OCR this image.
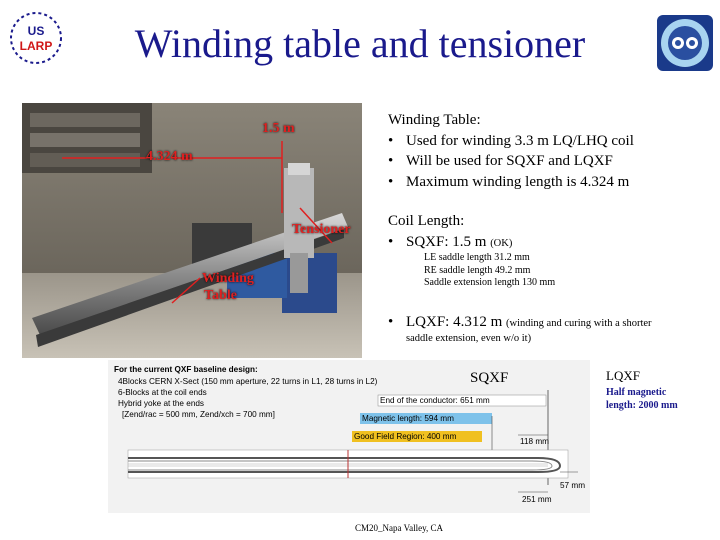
Winding table and tensioner
US
LARP
4.324 m
1.5 m
Tensioner
Winding
Table
Winding Table:
• Used for winding 3.3 m LQ/LHQ coil
• Will be used for SQXF and LQXF
• Maximum winding length is 4.324 m
Coil Length:
• SQXF: 1.5 m (OK)
LE saddle length 31.2 mm
RE saddle length 49.2 mm
Saddle extension length 130 mm
• LQXF: 4.312 m (winding and curing with a shorter
saddle extension, even w/o it)
For the current QXF baseline design:
4Blocks CERN X-Sect (150 mm aperture, 22 turns in L1, 28 turns in L2)
6-Blocks at the coil ends
Hybrid yoke at the ends
[Zend/rac = 500 mm, Zend/xch = 700 mm]
End of the conductor: 651 mm
Magnetic length: 594 mm
Good Field Region: 400 mm
118 mm
57 mm
251 mm
SQXF	LQXF
Half magnetic
length: 2000 mm
CM20_Napa Valley, CA
